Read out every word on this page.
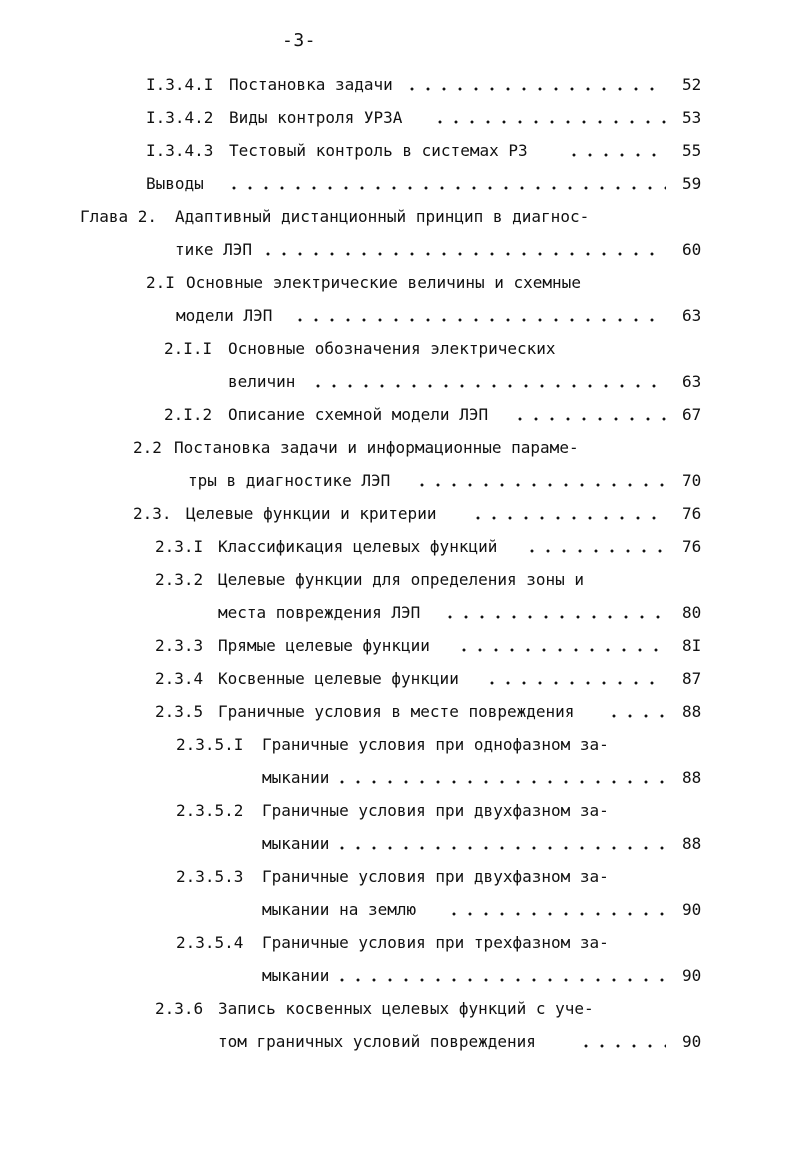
-3-
I.3.4.I Постановка задачи	52
I.3.4.2 Виды контроля УРЗА	53
I.3.4.3 Тестовый контроль в системах РЗ	55
Выводы	59
Глава 2. Адаптивный дистанционный принцип в диагнос-
тике ЛЭП	60
2.I Основные электрические величины и схемные
модели ЛЭП	63
2.I.I Основные обозначения электрических
величин	63
2.I.2 Описание схемной модели ЛЭП	67
2.2 Постановка задачи и информационные параме-
тры в диагностике ЛЭП	70
2.3. Целевые функции и критерии	76
2.3.I Классификация целевых функций	76
2.3.2 Целевые функции для определения зоны и
места повреждения ЛЭП	80
2.3.3 Прямые целевые функции	8I
2.3.4 Косвенные целевые функции	87
2.3.5 Граничные условия в месте повреждения	88
2.3.5.I Граничные условия при однофазном за-
мыкании	88
2.3.5.2 Граничные условия при двухфазном за-
мыкании	88
2.3.5.3 Граничные условия при двухфазном за-
мыкании на землю	90
2.3.5.4 Граничные условия при трехфазном за-
мыкании	90
2.3.6 Запись косвенных целевых функций с уче-
том граничных условий повреждения	90
